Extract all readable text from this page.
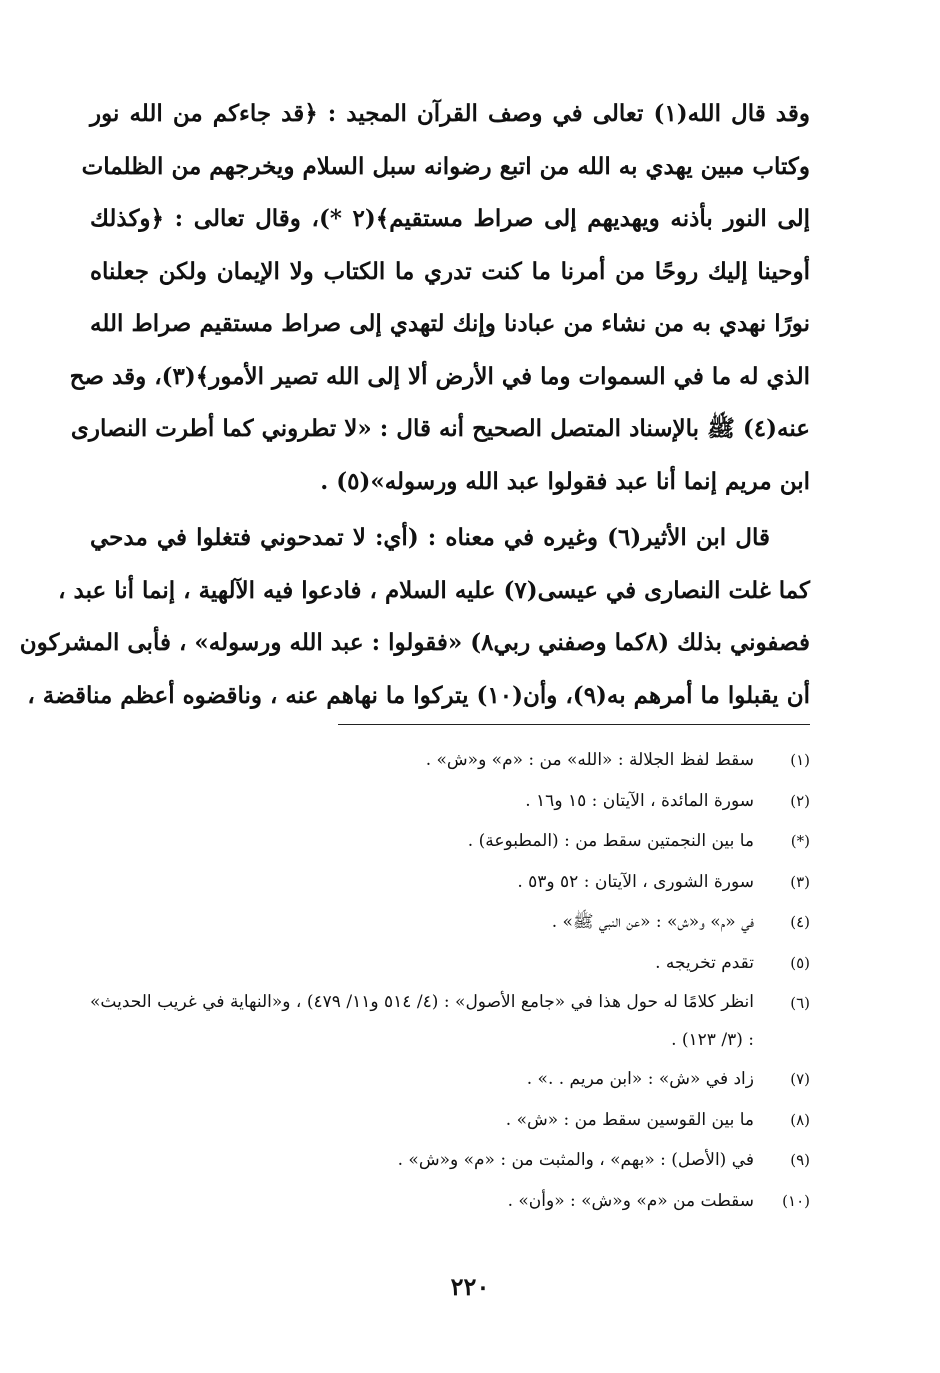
وقد قال الله(١) تعالى في وصف القرآن المجيد : ﴿قد جاءكم من الله نور
وكتاب مبين يهدي به الله من اتبع رضوانه سبل السلام ويخرجهم من الظلمات
إلى النور بأذنه ويهديهم إلى صراط مستقيم﴾(٢ *)، وقال تعالى : ﴿وكذلك
أوحينا إليك روحًا من أمرنا ما كنت تدري ما الكتاب ولا الإيمان ولكن جعلناه
نورًا نهدي به من نشاء من عبادنا وإنك لتهدي إلى صراط مستقيم صراط الله
الذي له ما في السموات وما في الأرض ألا إلى الله تصير الأمور﴾(٣)، وقد صح
عنه(٤) ﷺ بالإسناد المتصل الصحيح أنه قال : «لا تطروني كما أطرت النصارى
ابن مريم إنما أنا عبد فقولوا عبد الله ورسوله»(٥) .
قال ابن الأثير(٦) وغيره في معناه : (أي: لا تمدحوني فتغلوا في مدحي
كما غلت النصارى في عيسى(٧) عليه السلام ، فادعوا فيه الآلهية ، إنما أنا عبد ،
فصفوني بذلك (٨كما وصفني ربي٨) «فقولوا : عبد الله ورسوله» ، فأبى المشركون
أن يقبلوا ما أمرهم به(٩)، وأن(١٠) يتركوا ما نهاهم عنه ، وناقضوه أعظم مناقضة ،
(١)
سقط لفظ الجلالة : «الله» من : «م» و«ش» .
(٢)
سورة المائدة ، الآيتان : ١٥ و١٦ .
(*)
ما بين النجمتين سقط من : (المطبوعة) .
(٣)
سورة الشورى ، الآيتان : ٥٢ و٥٣ .
(٤)
في «م» و«ش» : «عن النبي ﷺ» .
(٥)
تقدم تخريجه .
(٦)
انظر كلامًا له حول هذا في «جامع الأصول» : (٤/ ٥١٤ و١١/ ٤٧٩) ، و«النهاية في غريب الحديث» : (٣/ ١٢٣) .
(٧)
زاد في «ش» : «ابن مريم . .» .
(٨)
ما بين القوسين سقط من : «ش» .
(٩)
في (الأصل) : «بهم» ، والمثبت من : «م» و«ش» .
(١٠)
سقطت من «م» و«ش» : «وأن» .
٢٢٠
